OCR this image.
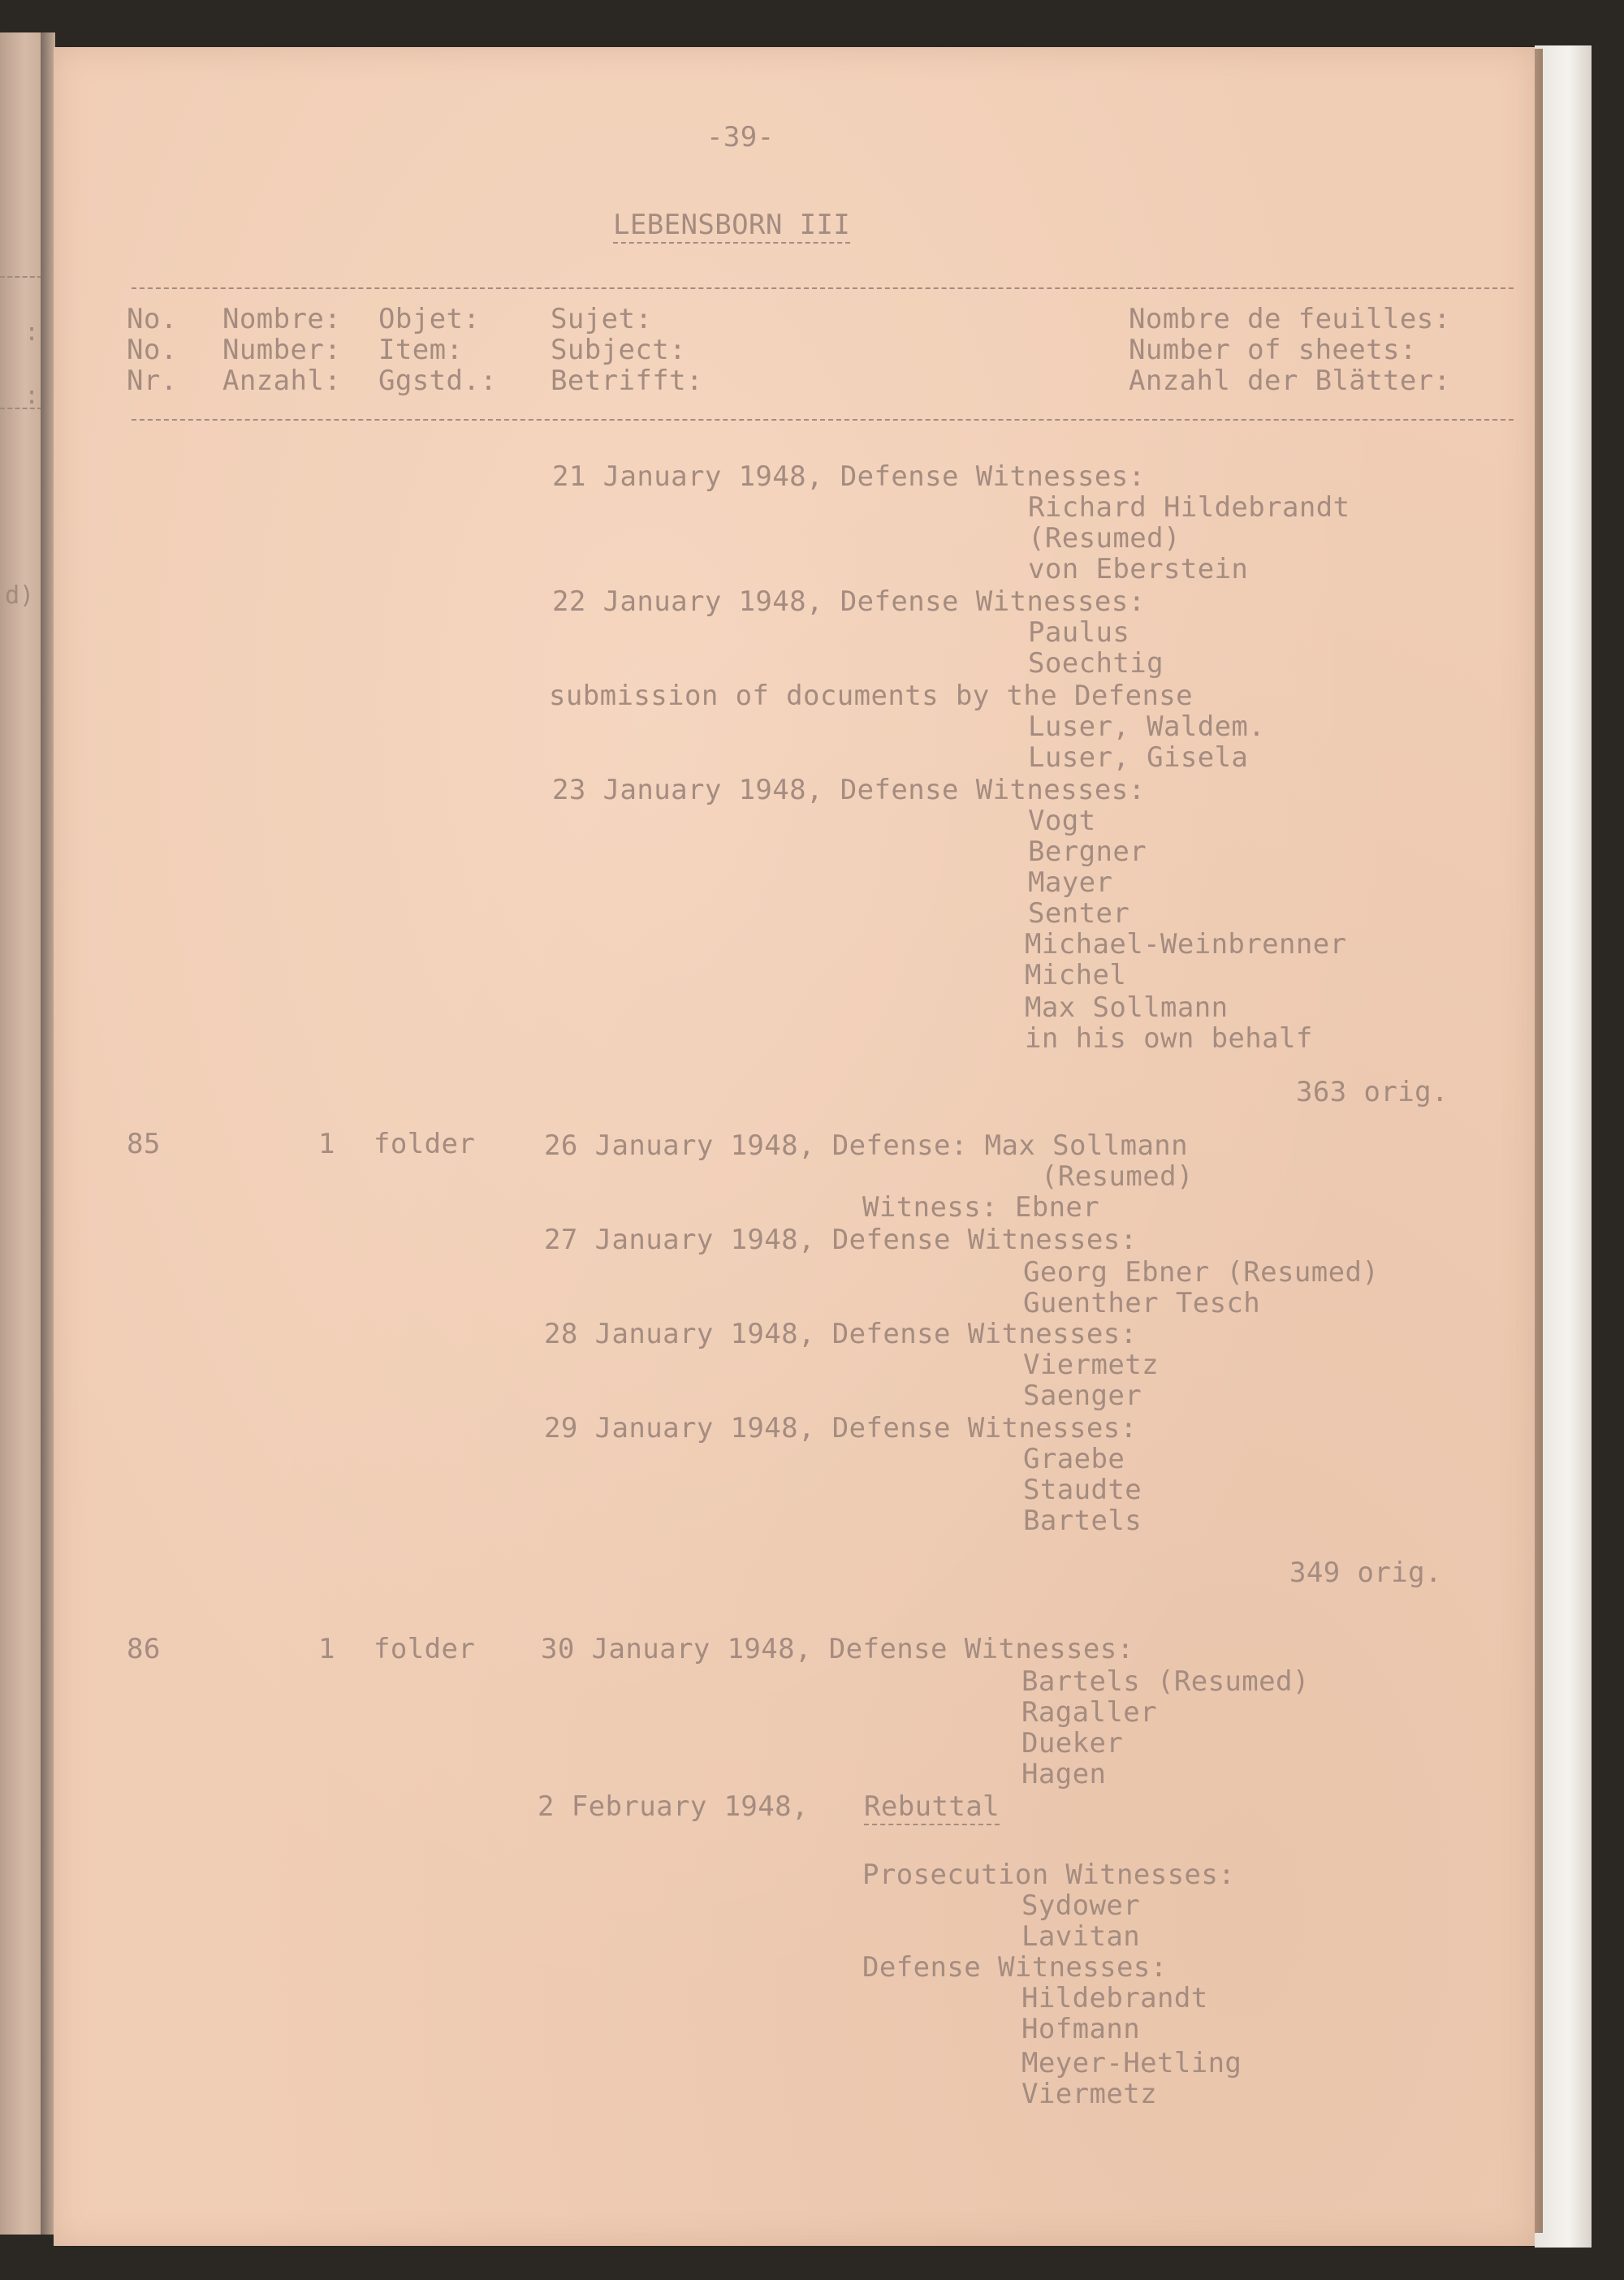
:
:
d)
-39-
LEBENSBORN III
No.
No.
Nr.
Nombre:
Number:
Anzahl:
Objet:
Item:
Ggstd.:
Sujet:
Subject:
Betrifft:
Nombre de feuilles:
Number of sheets:
Anzahl der Blätter:
21 January 1948, Defense Witnesses:
Richard Hildebrandt
(Resumed)
von Eberstein
22 January 1948, Defense Witnesses:
Paulus
Soechtig
submission of documents by the Defense
Luser, Waldem.
Luser, Gisela
23 January 1948, Defense Witnesses:
Vogt
Bergner
Mayer
Senter
Michael-Weinbrenner
Michel
Max Sollmann
in his own behalf
363 orig.
85	1 folder 26 January 1948, Defense: Max Sollmann
(Resumed)
Witness: Ebner
27 January 1948, Defense Witnesses:
Georg Ebner (Resumed)
Guenther Tesch
28 January 1948, Defense Witnesses:
Viermetz
Saenger
29 January 1948, Defense Witnesses:
Graebe
Staudte
Bartels
349 orig.
86	1 folder 30 January 1948, Defense Witnesses:
Bartels (Resumed)
Ragaller
Dueker
Hagen
2 February 1948, Rebuttal
Prosecution Witnesses:
Sydower
Lavitan
Defense Witnesses:
Hildebrandt
Hofmann
Meyer-Hetling
Viermetz
